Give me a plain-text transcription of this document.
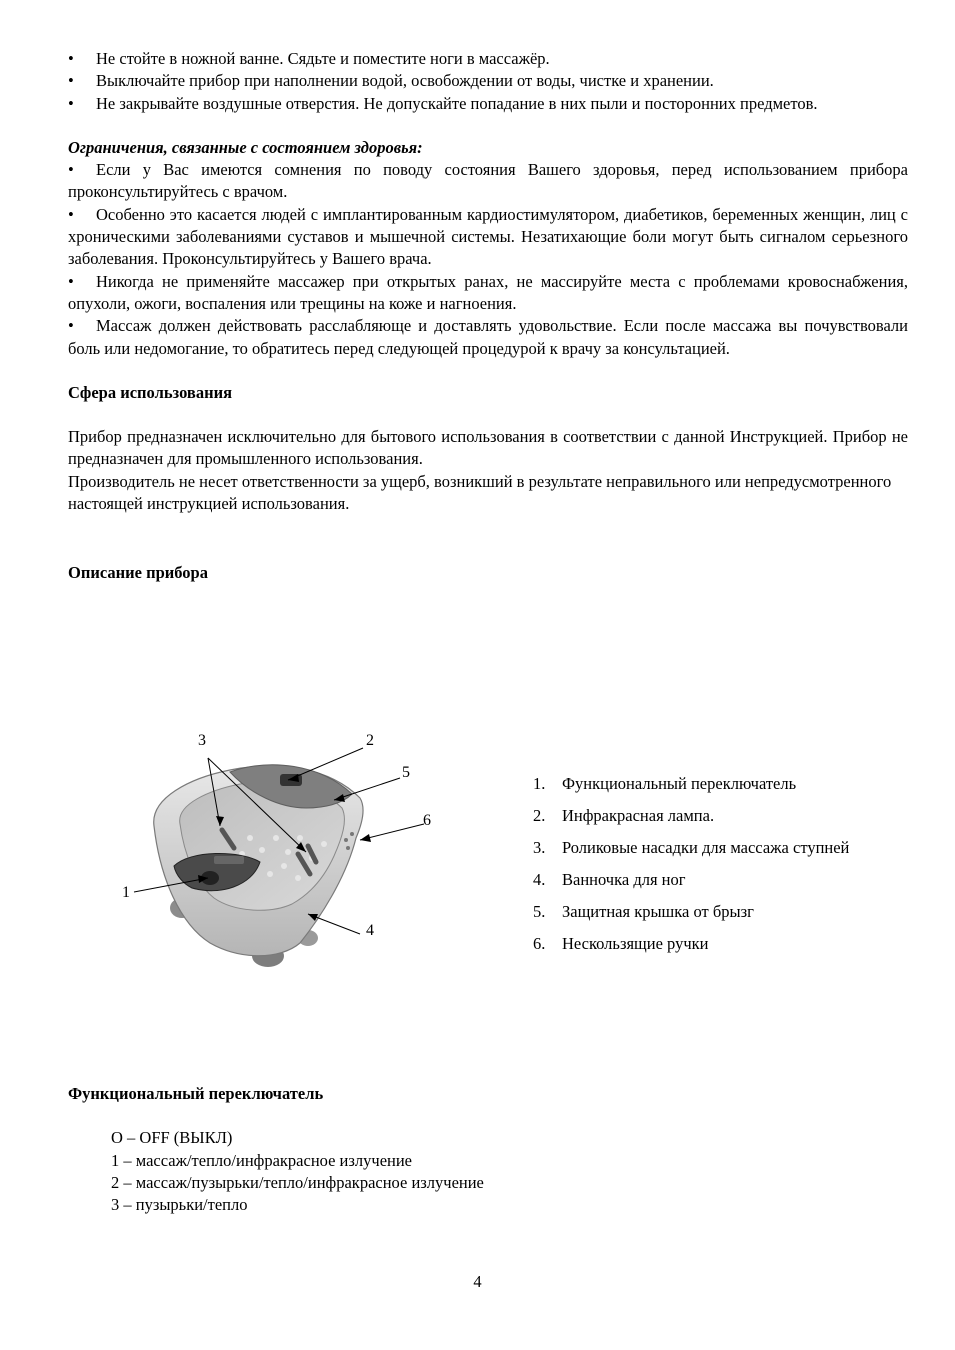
• Не стойте в ножной ванне. Сядьте и поместите ноги в массажёр.

• Выключайте прибор при наполнении водой, освобождении от воды, чистке и хранении.

• Не закрывайте воздушные отверстия. Не допускайте попадание в них пыли и посторонних предметов.

Ограничения, связанные с состоянием здоровья:

• Если у Вас имеются сомнения по поводу состояния Вашего здоровья, перед использованием прибора проконсультируйтесь с врачом.

• Особенно это касается людей с имплантированным кардиостимулятором, диабетиков, беременных женщин, лиц с хроническими заболеваниями суставов и мышечной системы. Незатихающие боли могут быть сигналом серьезного заболевания. Проконсультируйтесь у Вашего врача.

• Никогда не применяйте массажер при открытых ранах, не массируйте места с проблемами кровоснабжения, опухоли, ожоги, воспаления или трещины на коже и нагноения.

• Массаж должен действовать расслабляюще и доставлять удовольствие. Если после массажа вы почувствовали боль или недомогание, то обратитесь перед следующей процедурой к врачу за консультацией.

Сфера использования

Прибор предназначен исключительно для бытового использования в соответствии с данной Инструкцией. Прибор не предназначен для промышленного использования.

Производитель не несет ответственности за ущерб, возникший в результате неправильного или непредусмотренного настоящей инструкцией использования.

Описание прибора

3	2
5
6
1
4
1. Функциональный переключатель
2. Инфракрасная лампа.
3. Роликовые насадки для массажа ступней
4. Ванночка для ног
5. Защитная крышка от брызг
6. Нескользящие ручки

Функциональный переключатель

O – OFF (ВЫКЛ)
1 – массаж/тепло/инфракрасное излучение
2 – массаж/пузырьки/тепло/инфракрасное излучение
3 – пузырьки/тепло
4
